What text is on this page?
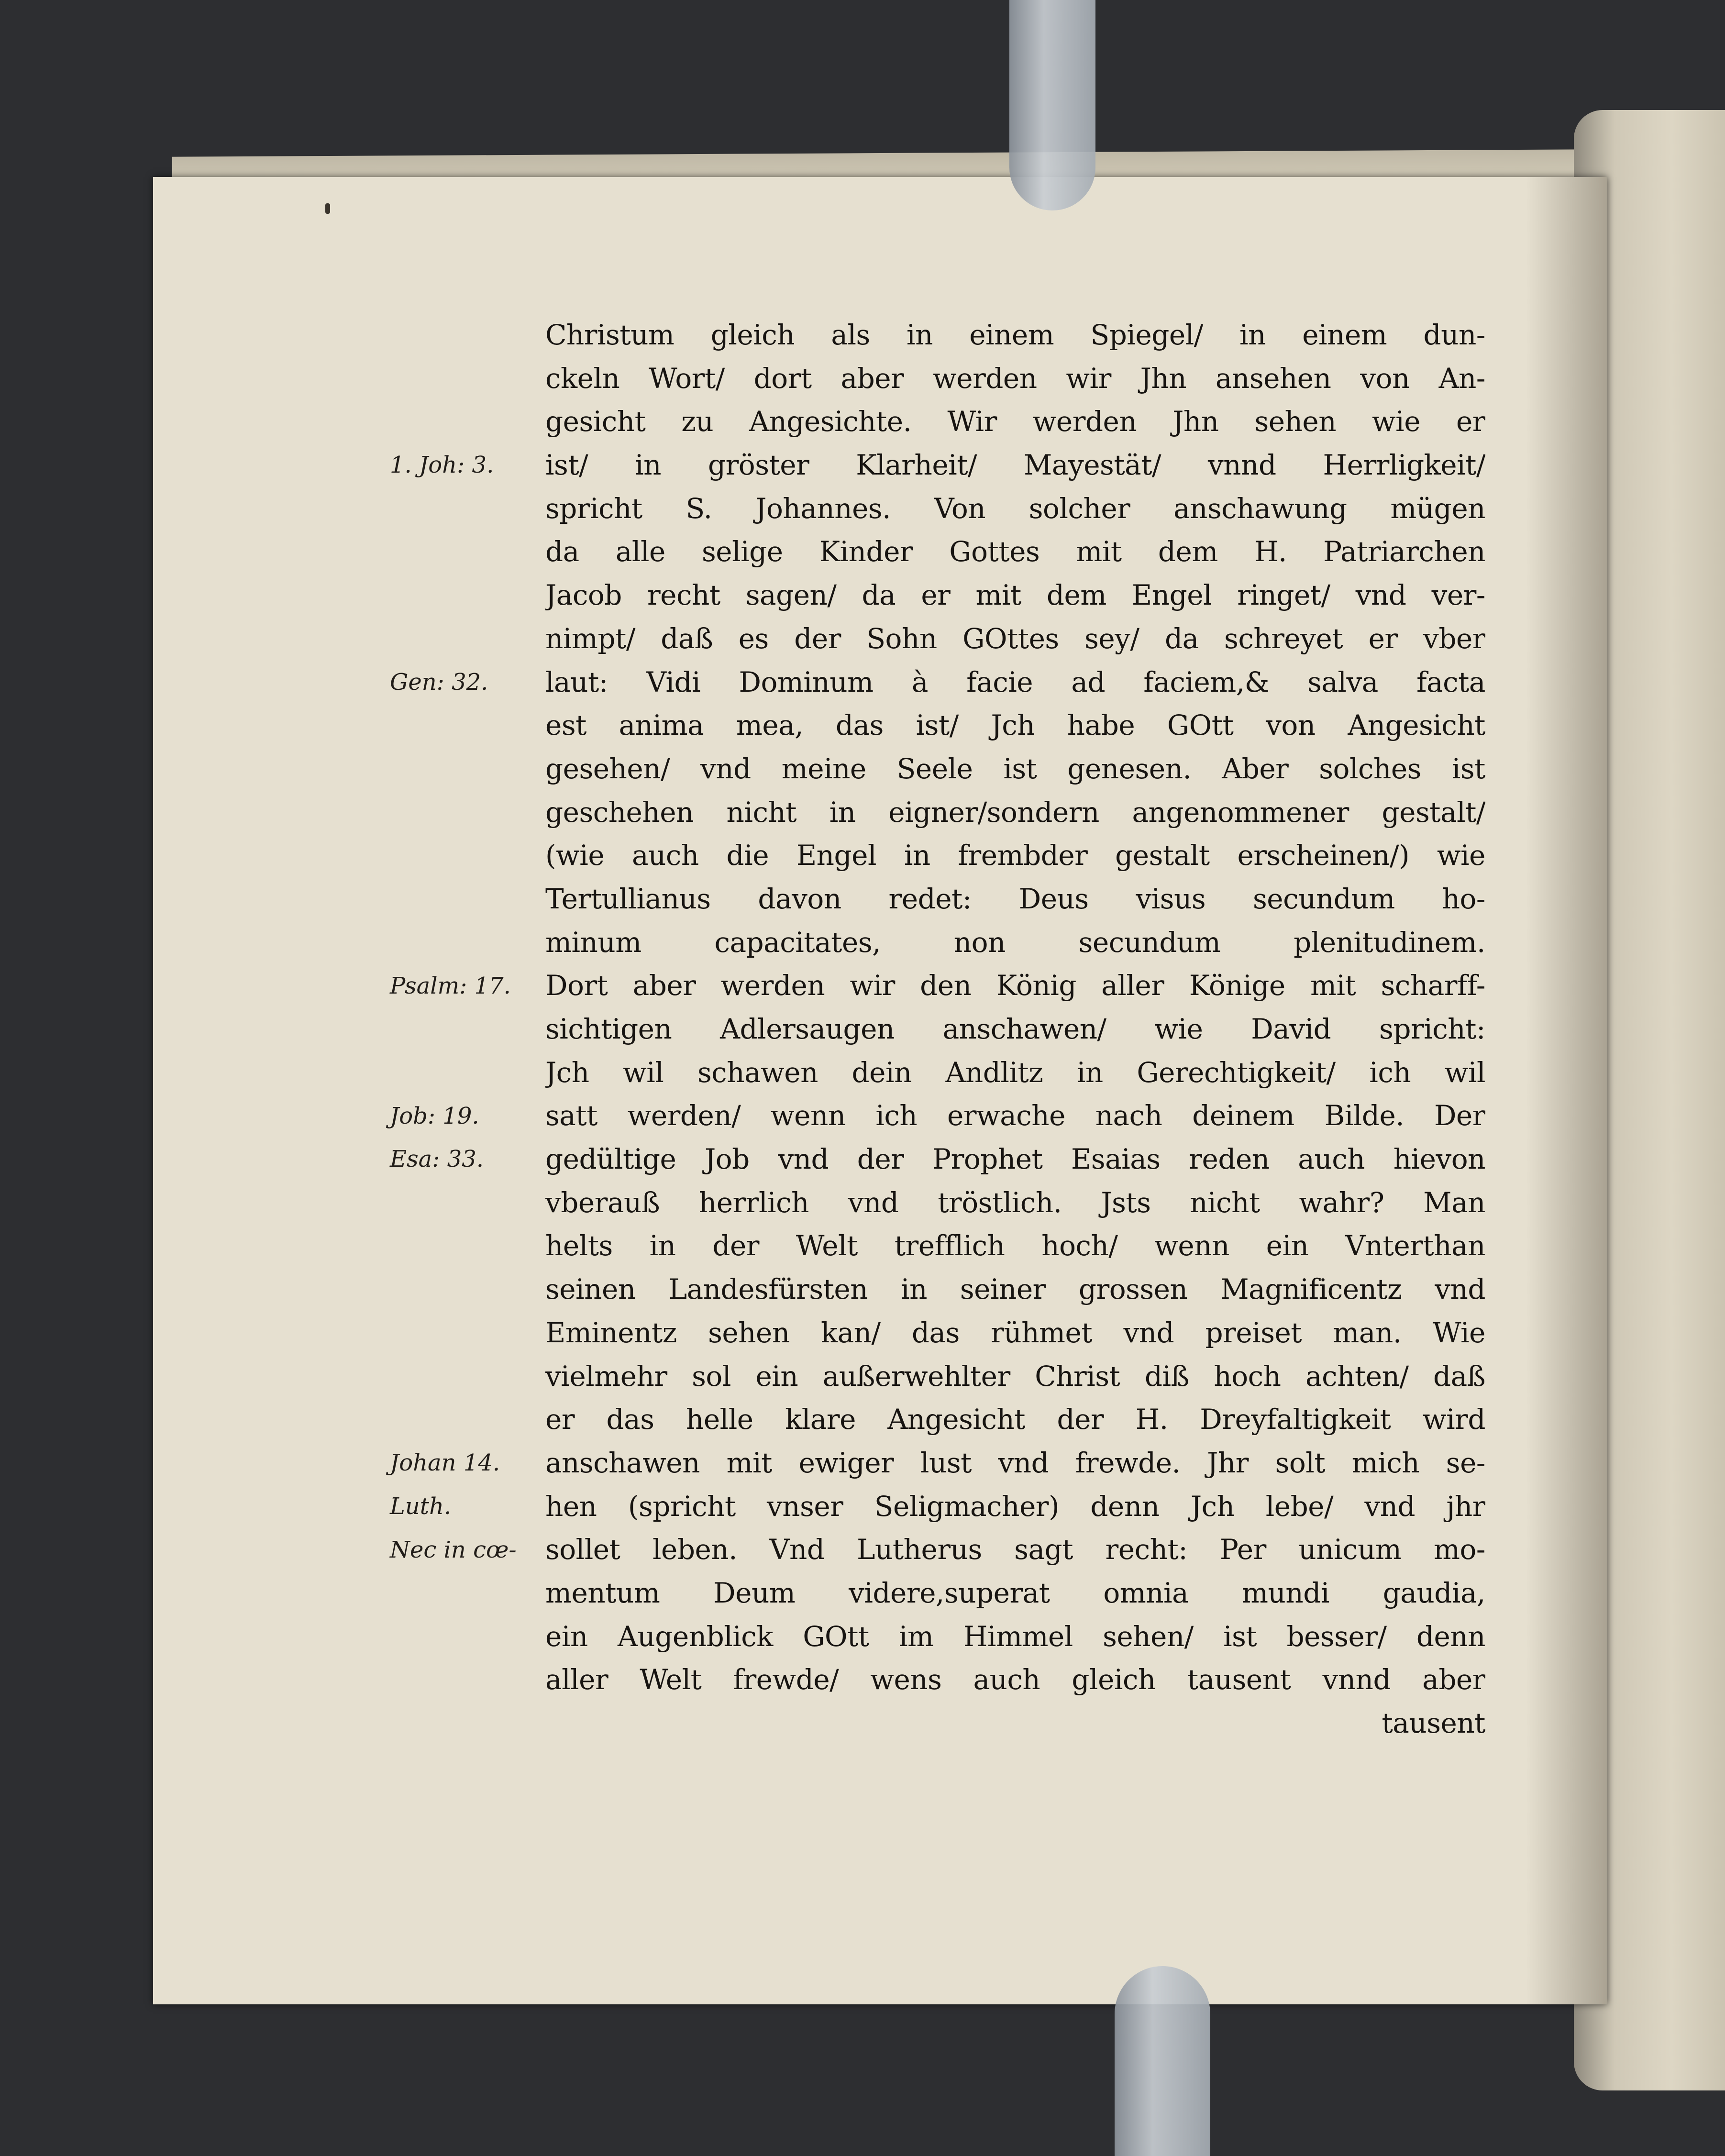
1. Joh: 3.
Gen: 32.
Psalm: 17.
Job: 19.
Esa: 33.
Johan 14.
Luth.
Nec in cœ-
Christum gleich als in einem Spiegel/ in einem dun-
ckeln Wort/ dort aber werden wir Jhn ansehen von An-
gesicht zu Angesichte. Wir werden Jhn sehen wie er
ist/ in gröster Klarheit/ Mayestät/ vnnd Herrligkeit/
spricht S. Johannes. Von solcher anschawung mügen
da alle selige Kinder Gottes mit dem H. Patriarchen
Jacob recht sagen/ da er mit dem Engel ringet/ vnd ver-
nimpt/ daß es der Sohn GOttes sey/ da schreyet er vber
laut: Vidi Dominum à facie ad faciem,& salva facta
est anima mea, das ist/ Jch habe GOtt von Angesicht
gesehen/ vnd meine Seele ist genesen. Aber solches ist
geschehen nicht in eigner/sondern angenommener gestalt/
(wie auch die Engel in frembder gestalt erscheinen/) wie
Tertullianus davon redet: Deus visus secundum ho-
minum capacitates, non secundum plenitudinem.
Dort aber werden wir den König aller Könige mit scharff-
sichtigen Adlersaugen anschawen/ wie David spricht:
Jch wil schawen dein Andlitz in Gerechtigkeit/ ich wil
satt werden/ wenn ich erwache nach deinem Bilde. Der
gedültige Job vnd der Prophet Esaias reden auch hievon
vberauß herrlich vnd tröstlich. Jsts nicht wahr? Man
helts in der Welt trefflich hoch/ wenn ein Vnterthan
seinen Landesfürsten in seiner grossen Magnificentz vnd
Eminentz sehen kan/ das rühmet vnd preiset man. Wie
vielmehr sol ein außerwehlter Christ diß hoch achten/ daß
er das helle klare Angesicht der H. Dreyfaltigkeit wird
anschawen mit ewiger lust vnd frewde. Jhr solt mich se-
hen (spricht vnser Seligmacher) denn Jch lebe/ vnd jhr
sollet leben. Vnd Lutherus sagt recht: Per unicum mo-
mentum Deum videre,superat omnia mundi gaudia,
ein Augenblick GOtt im Himmel sehen/ ist besser/ denn
aller Welt frewde/ wens auch gleich tausent vnnd aber
tausent
